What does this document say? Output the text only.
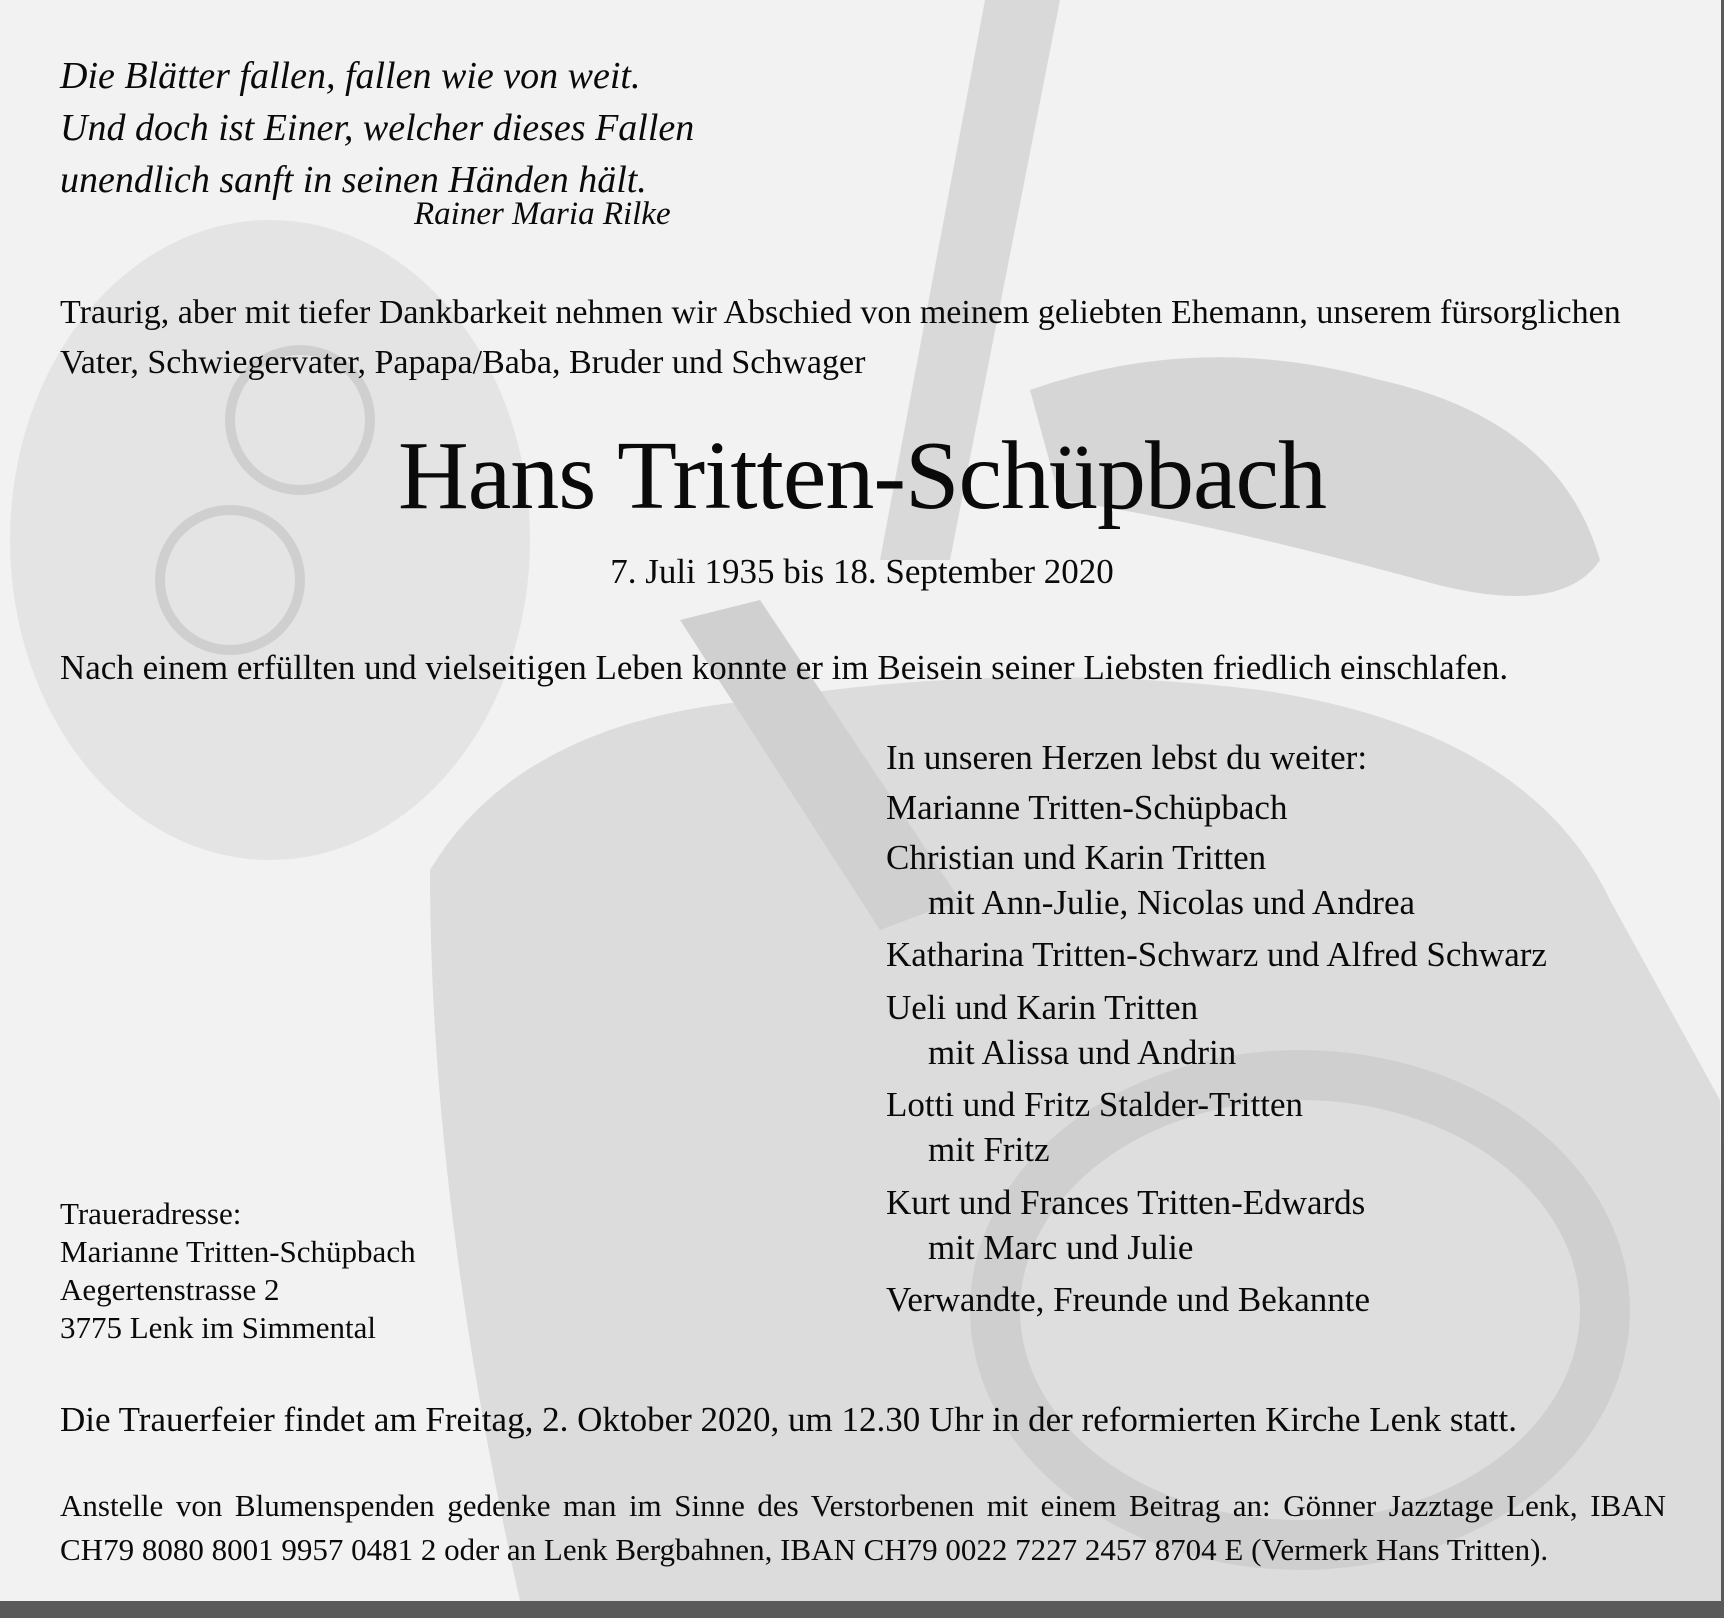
Die Blätter fallen, fallen wie von weit.
Und doch ist Einer, welcher dieses Fallen
unendlich sanft in seinen Händen hält.
Rainer Maria Rilke
Traurig, aber mit tiefer Dankbarkeit nehmen wir Abschied von meinem geliebten Ehemann, unserem fürsorglichen Vater, Schwiegervater, Papapa/Baba, Bruder und Schwager
Hans Tritten-Schüpbach
7. Juli 1935 bis 18. September 2020
Nach einem erfüllten und vielseitigen Leben konnte er im Beisein seiner Liebsten friedlich einschlafen.
In unseren Herzen lebst du weiter:
Marianne Tritten-Schüpbach
Christian und Karin Tritten
mit Ann-Julie, Nicolas und Andrea
Katharina Tritten-Schwarz und Alfred Schwarz
Ueli und Karin Tritten
mit Alissa und Andrin
Lotti und Fritz Stalder-Tritten
mit Fritz
Kurt und Frances Tritten-Edwards
mit Marc und Julie
Verwandte, Freunde und Bekannte
Traueradresse:
Marianne Tritten-Schüpbach
Aegertenstrasse 2
3775 Lenk im Simmental
Die Trauerfeier findet am Freitag, 2. Oktober 2020, um 12.30 Uhr in der reformierten Kirche Lenk statt.
Anstelle von Blumenspenden gedenke man im Sinne des Verstorbenen mit einem Beitrag an: Gönner Jazztage Lenk, IBAN CH79 8080 8001 9957 0481 2 oder an Lenk Bergbahnen, IBAN CH79 0022 7227 2457 8704 E (Vermerk Hans Tritten).
